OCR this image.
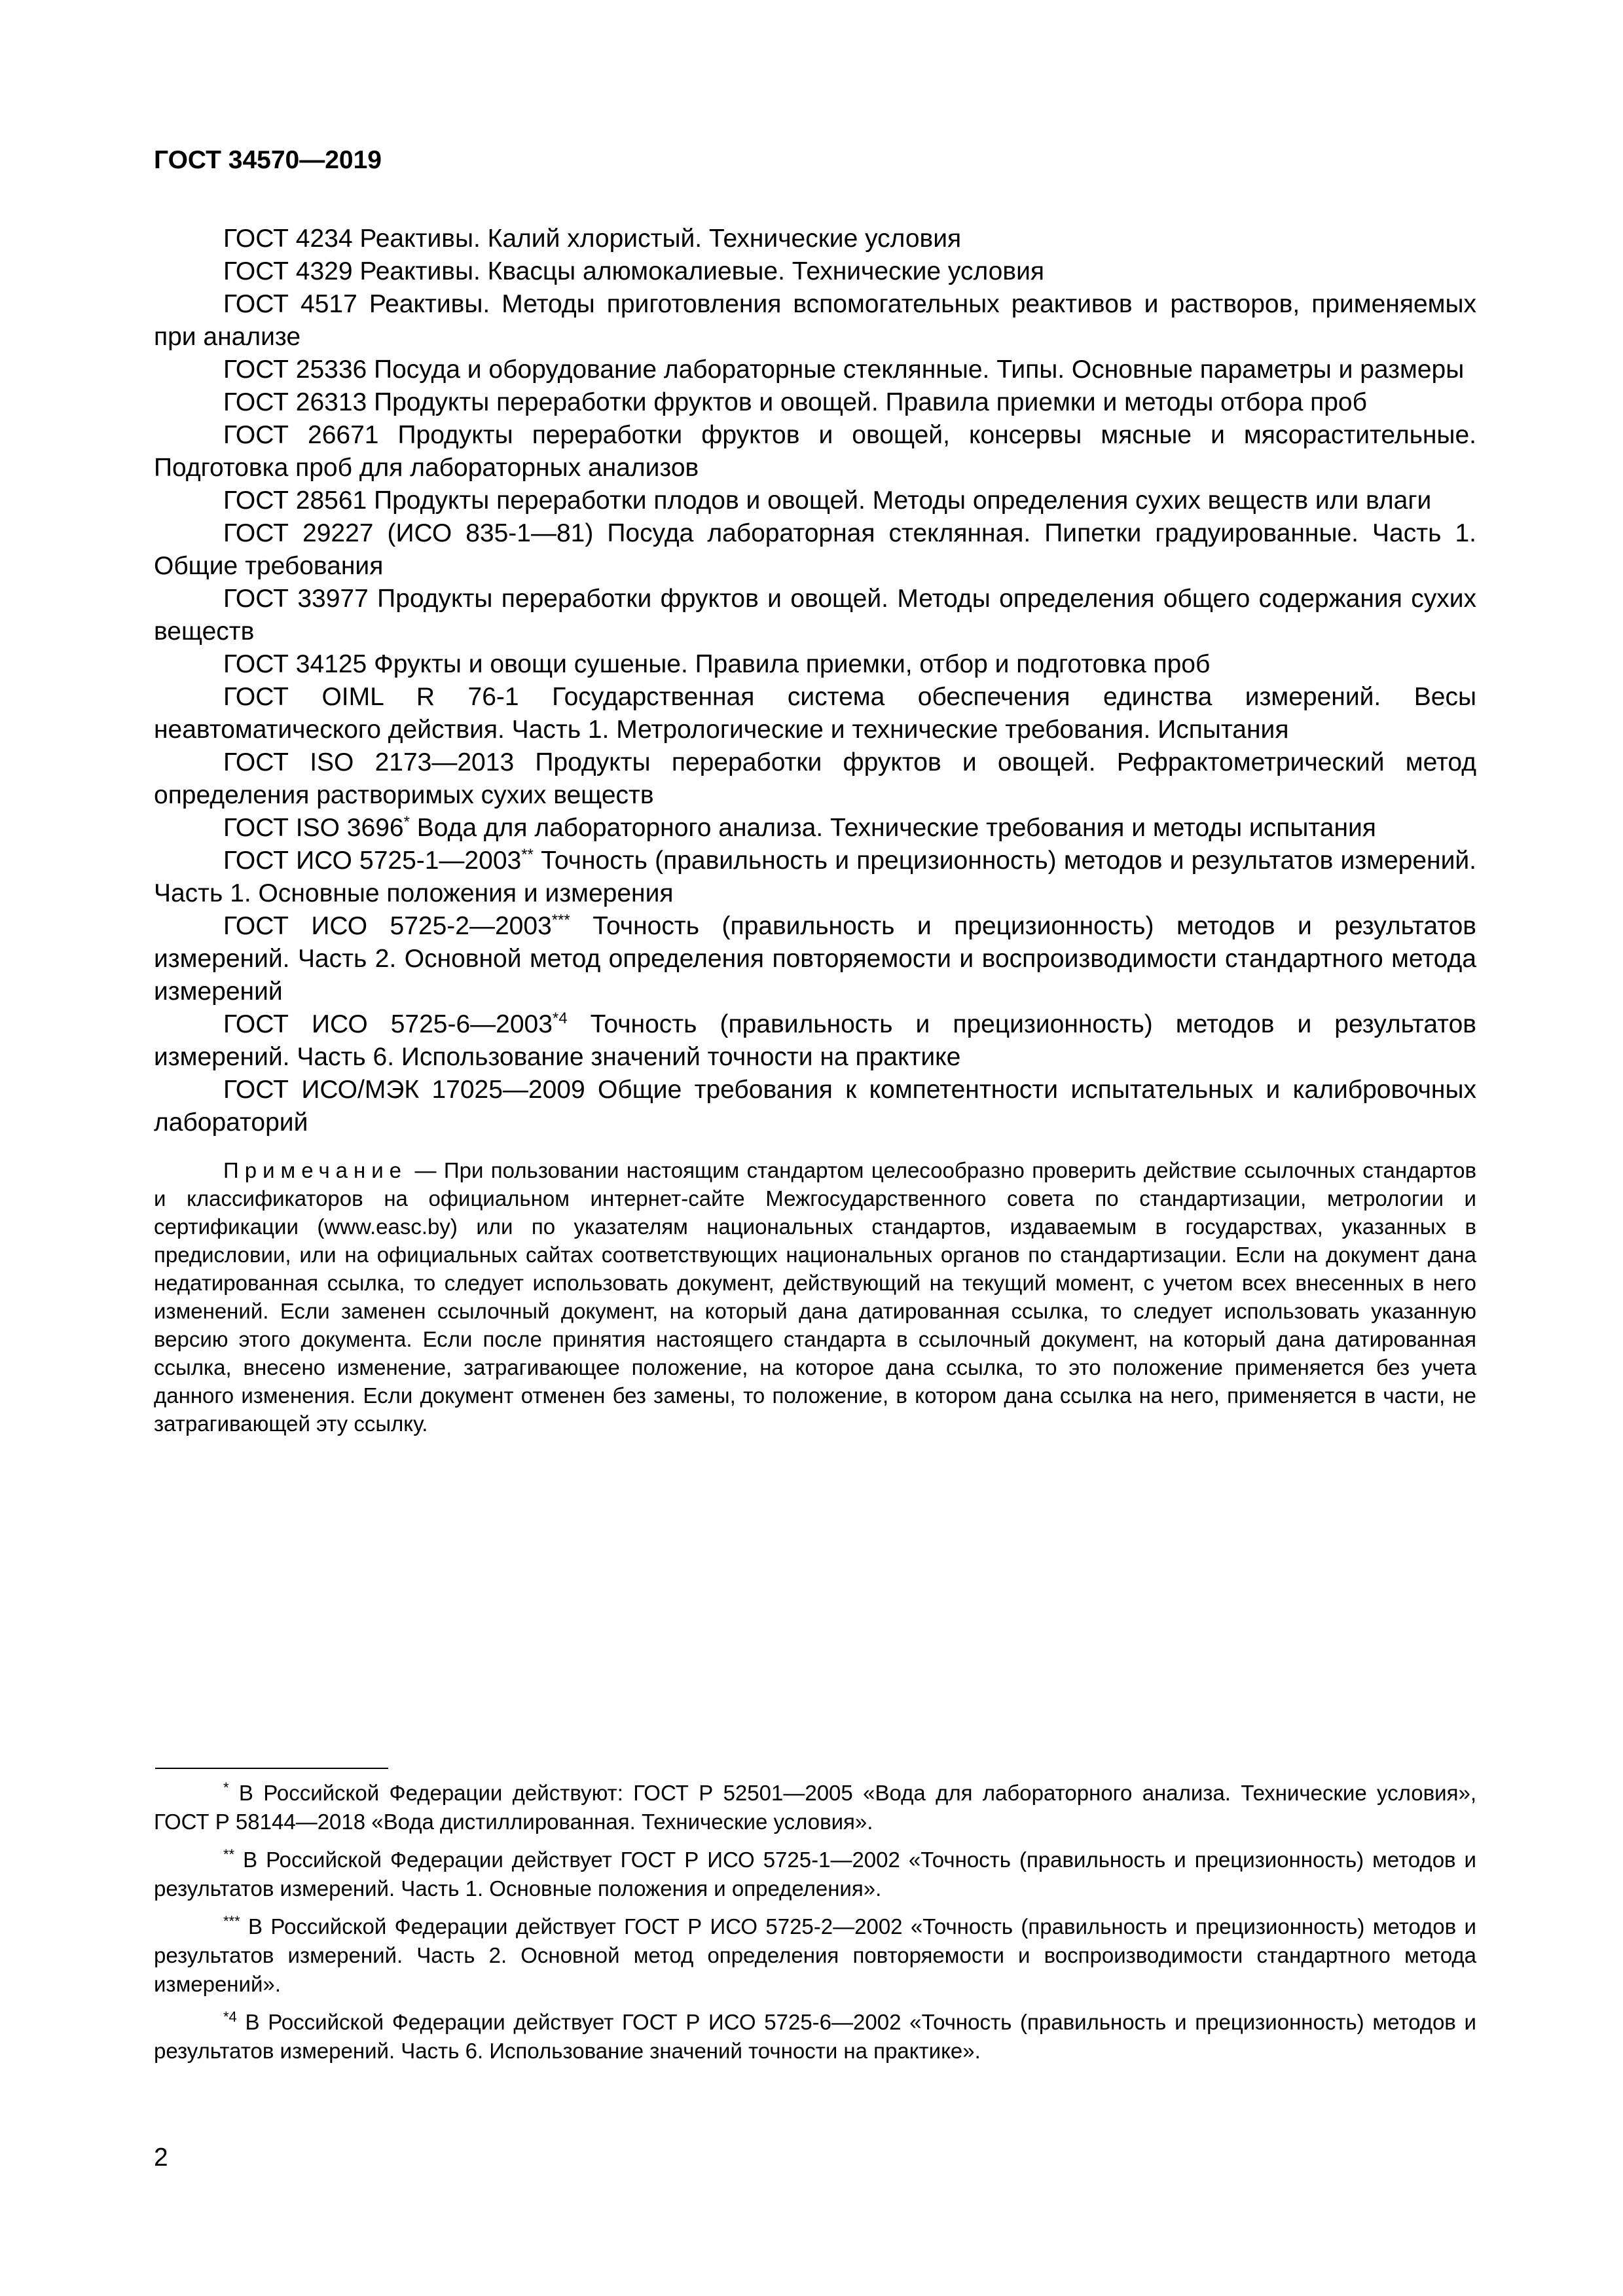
ГОСТ 34570—2019

ГОСТ 4234 Реактивы. Калий хлористый. Технические условия

ГОСТ 4329 Реактивы. Квасцы алюмокалиевые. Технические условия

ГОСТ 4517 Реактивы. Методы приготовления вспомогательных реактивов и растворов, применяемых при анализе

ГОСТ 25336 Посуда и оборудование лабораторные стеклянные. Типы. Основные параметры и размеры

ГОСТ 26313 Продукты переработки фруктов и овощей. Правила приемки и методы отбора проб

ГОСТ 26671 Продукты переработки фруктов и овощей, консервы мясные и мясорастительные. Подготовка проб для лабораторных анализов

ГОСТ 28561 Продукты переработки плодов и овощей. Методы определения сухих веществ или влаги

ГОСТ 29227 (ИСО 835-1—81) Посуда лабораторная стеклянная. Пипетки градуированные. Часть 1. Общие требования

ГОСТ 33977 Продукты переработки фруктов и овощей. Методы определения общего содержания сухих веществ

ГОСТ 34125 Фрукты и овощи сушеные. Правила приемки, отбор и подготовка проб

ГОСТ OIML R 76-1 Государственная система обеспечения единства измерений. Весы неавтоматического действия. Часть 1. Метрологические и технические требования. Испытания

ГОСТ ISO 2173—2013 Продукты переработки фруктов и овощей. Рефрактометрический метод определения растворимых сухих веществ

ГОСТ ISO 3696* Вода для лабораторного анализа. Технические требования и методы испытания

ГОСТ ИСО 5725-1—2003** Точность (правильность и прецизионность) методов и результатов измерений. Часть 1. Основные положения и измерения

ГОСТ ИСО 5725-2—2003*** Точность (правильность и прецизионность) методов и результатов измерений. Часть 2. Основной метод определения повторяемости и воспроизводимости стандартного метода измерений

ГОСТ ИСО 5725-6—2003$^{*4}$ Точность (правильность и прецизионность) методов и результатов измерений. Часть 6. Использование значений точности на практике

ГОСТ ИСО/МЭК 17025—2009 Общие требования к компетентности испытательных и калибровочных лабораторий

Примечание — При пользовании настоящим стандартом целесообразно проверить действие ссылочных стандартов и классификаторов на официальном интернет-сайте Межгосударственного совета по стандартизации, метрологии и сертификации (www.easc.by) или по указателям национальных стандартов, издаваемым в государствах, указанных в предисловии, или на официальных сайтах соответствующих национальных органов по стандартизации. Если на документ дана недатированная ссылка, то следует использовать документ, действующий на текущий момент, с учетом всех внесенных в него изменений. Если заменен ссылочный документ, на который дана датированная ссылка, то следует использовать указанную версию этого документа. Если после принятия настоящего стандарта в ссылочный документ, на который дана датированная ссылка, внесено изменение, затрагивающее положение, на которое дана ссылка, то это положение применяется без учета данного изменения. Если документ отменен без замены, то положение, в котором дана ссылка на него, применяется в части, не затрагивающей эту ссылку.

* В Российской Федерации действуют: ГОСТ Р 52501—2005 «Вода для лабораторного анализа. Технические условия», ГОСТ Р 58144—2018 «Вода дистиллированная. Технические условия».

** В Российской Федерации действует ГОСТ Р ИСО 5725-1—2002 «Точность (правильность и прецизионность) методов и результатов измерений. Часть 1. Основные положения и определения».

*** В Российской Федерации действует ГОСТ Р ИСО 5725-2—2002 «Точность (правильность и прецизионность) методов и результатов измерений. Часть 2. Основной метод определения повторяемости и воспроизводимости стандартного метода измерений».

$^{*4}$ В Российской Федерации действует ГОСТ Р ИСО 5725-6—2002 «Точность (правильность и прецизионность) методов и результатов измерений. Часть 6. Использование значений точности на практике».

2
